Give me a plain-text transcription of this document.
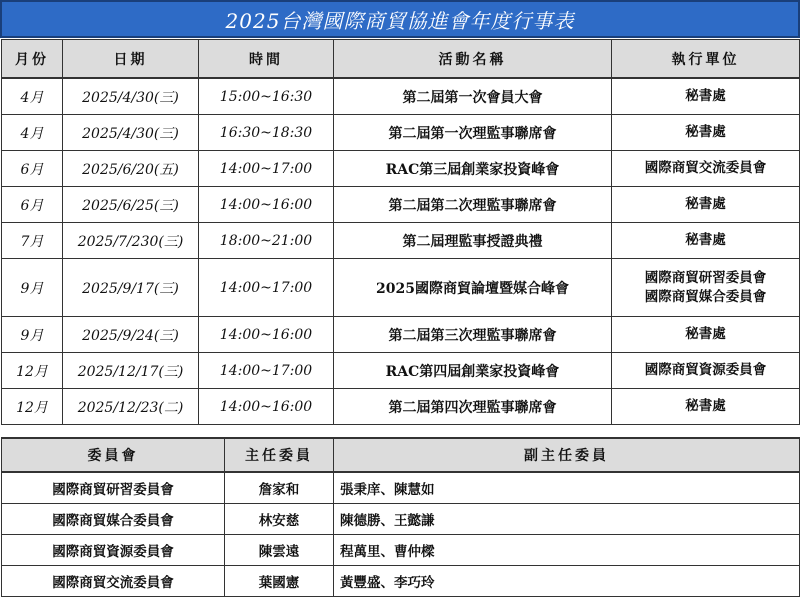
2025台灣國際商貿協進會年度行事表
月份	日期	時間	活動名稱	執行單位
4月	2025/4/30(三)	15:00~16:30	第二屆第一次會員大會	秘書處

4月	2025/4/30(三)	16:30~18:30	第二屆第一次理監事聯席會	秘書處

6月	2025/6/20(五)	14:00~17:00	RAC第三屆創業家投資峰會	國際商貿交流委員會

6月	2025/6/25(三)	14:00~16:00	第二屆第二次理監事聯席會	秘書處

7月	2025/7/230(三)	18:00~21:00	第二屆理監事授證典禮	秘書處

9月	2025/9/17(三)	14:00~17:00	2025國際商貿論壇暨媒合峰會	國際商貿研習委員會
國際商貿媒合委員會

9月	2025/9/24(三)	14:00~16:00	第二屆第三次理監事聯席會	秘書處

12月	2025/12/17(三)	14:00~17:00	RAC第四屆創業家投資峰會	國際商貿資源委員會

12月	2025/12/23(二)	14:00~16:00	第二屆第四次理監事聯席會	秘書處
委員會	主任委員	副主任委員
國際商貿研習委員會	詹家和	張秉庠、陳慧如
國際商貿媒合委員會	林安慈	陳德勝、王懿謙
國際商貿資源委員會	陳雲遠	程萬里、曹仲樑
國際商貿交流委員會	葉國憲	黃豐盛、李巧玲
